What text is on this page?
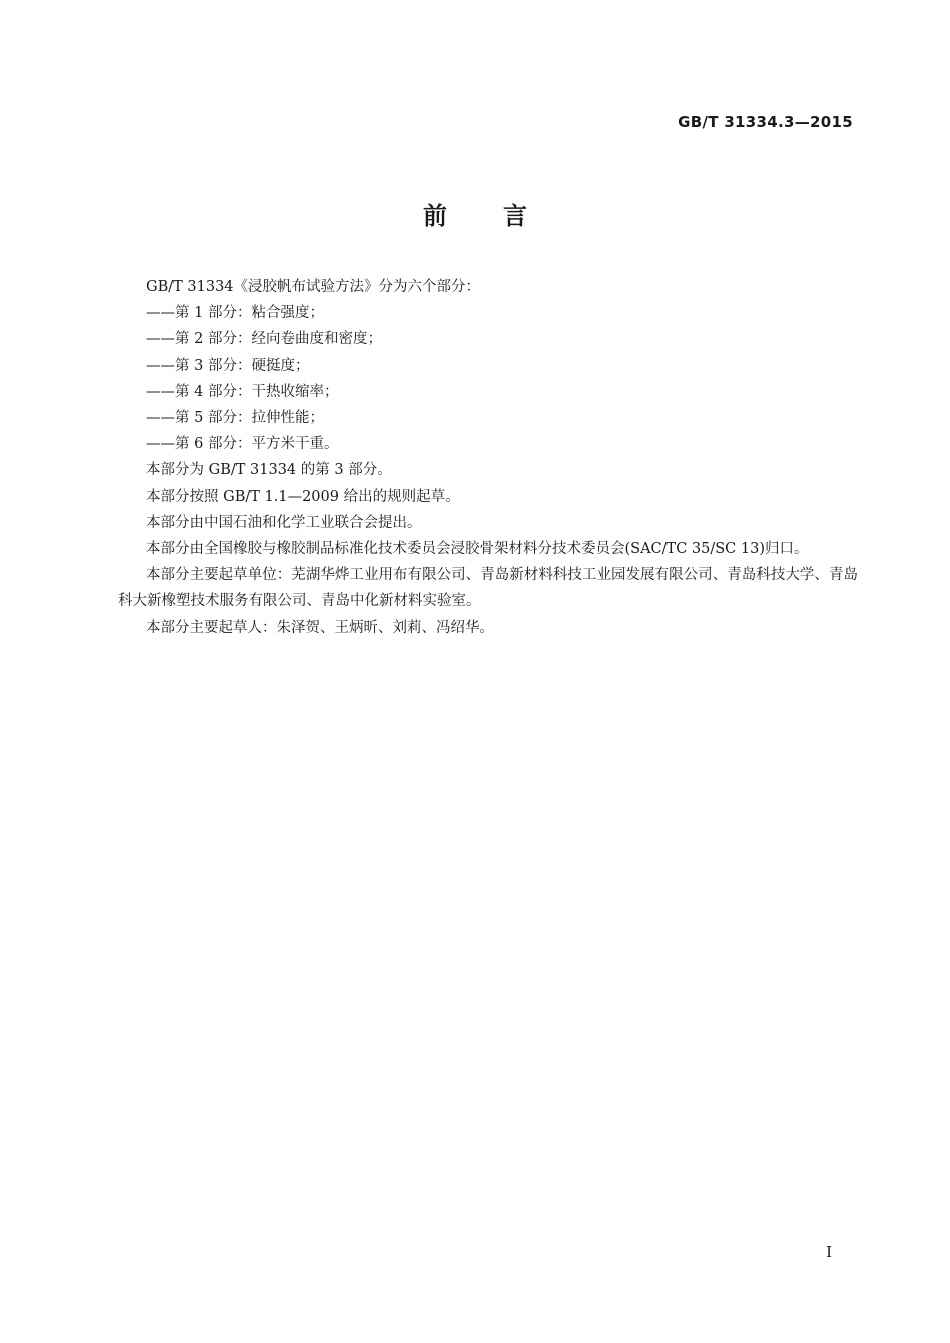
GB/T 31334.3—2015
前言

GB/T 31334《浸胶帆布试验方法》分为六个部分：

——第 1 部分：粘合强度；

——第 2 部分：经向卷曲度和密度；

——第 3 部分：硬挺度；

——第 4 部分：干热收缩率；

——第 5 部分：拉伸性能；

——第 6 部分：平方米干重。

本部分为 GB/T 31334 的第 3 部分。

本部分按照 GB/T 1.1—2009 给出的规则起草。

本部分由中国石油和化学工业联合会提出。

本部分由全国橡胶与橡胶制品标准化技术委员会浸胶骨架材料分技术委员会(SAC/TC 35/SC 13)归口。

本部分主要起草单位：芜湖华烨工业用布有限公司、青岛新材料科技工业园发展有限公司、青岛科技大学、青岛科大新橡塑技术服务有限公司、青岛中化新材料实验室。

本部分主要起草人：朱泽贺、王炳昕、刘莉、冯绍华。

I
